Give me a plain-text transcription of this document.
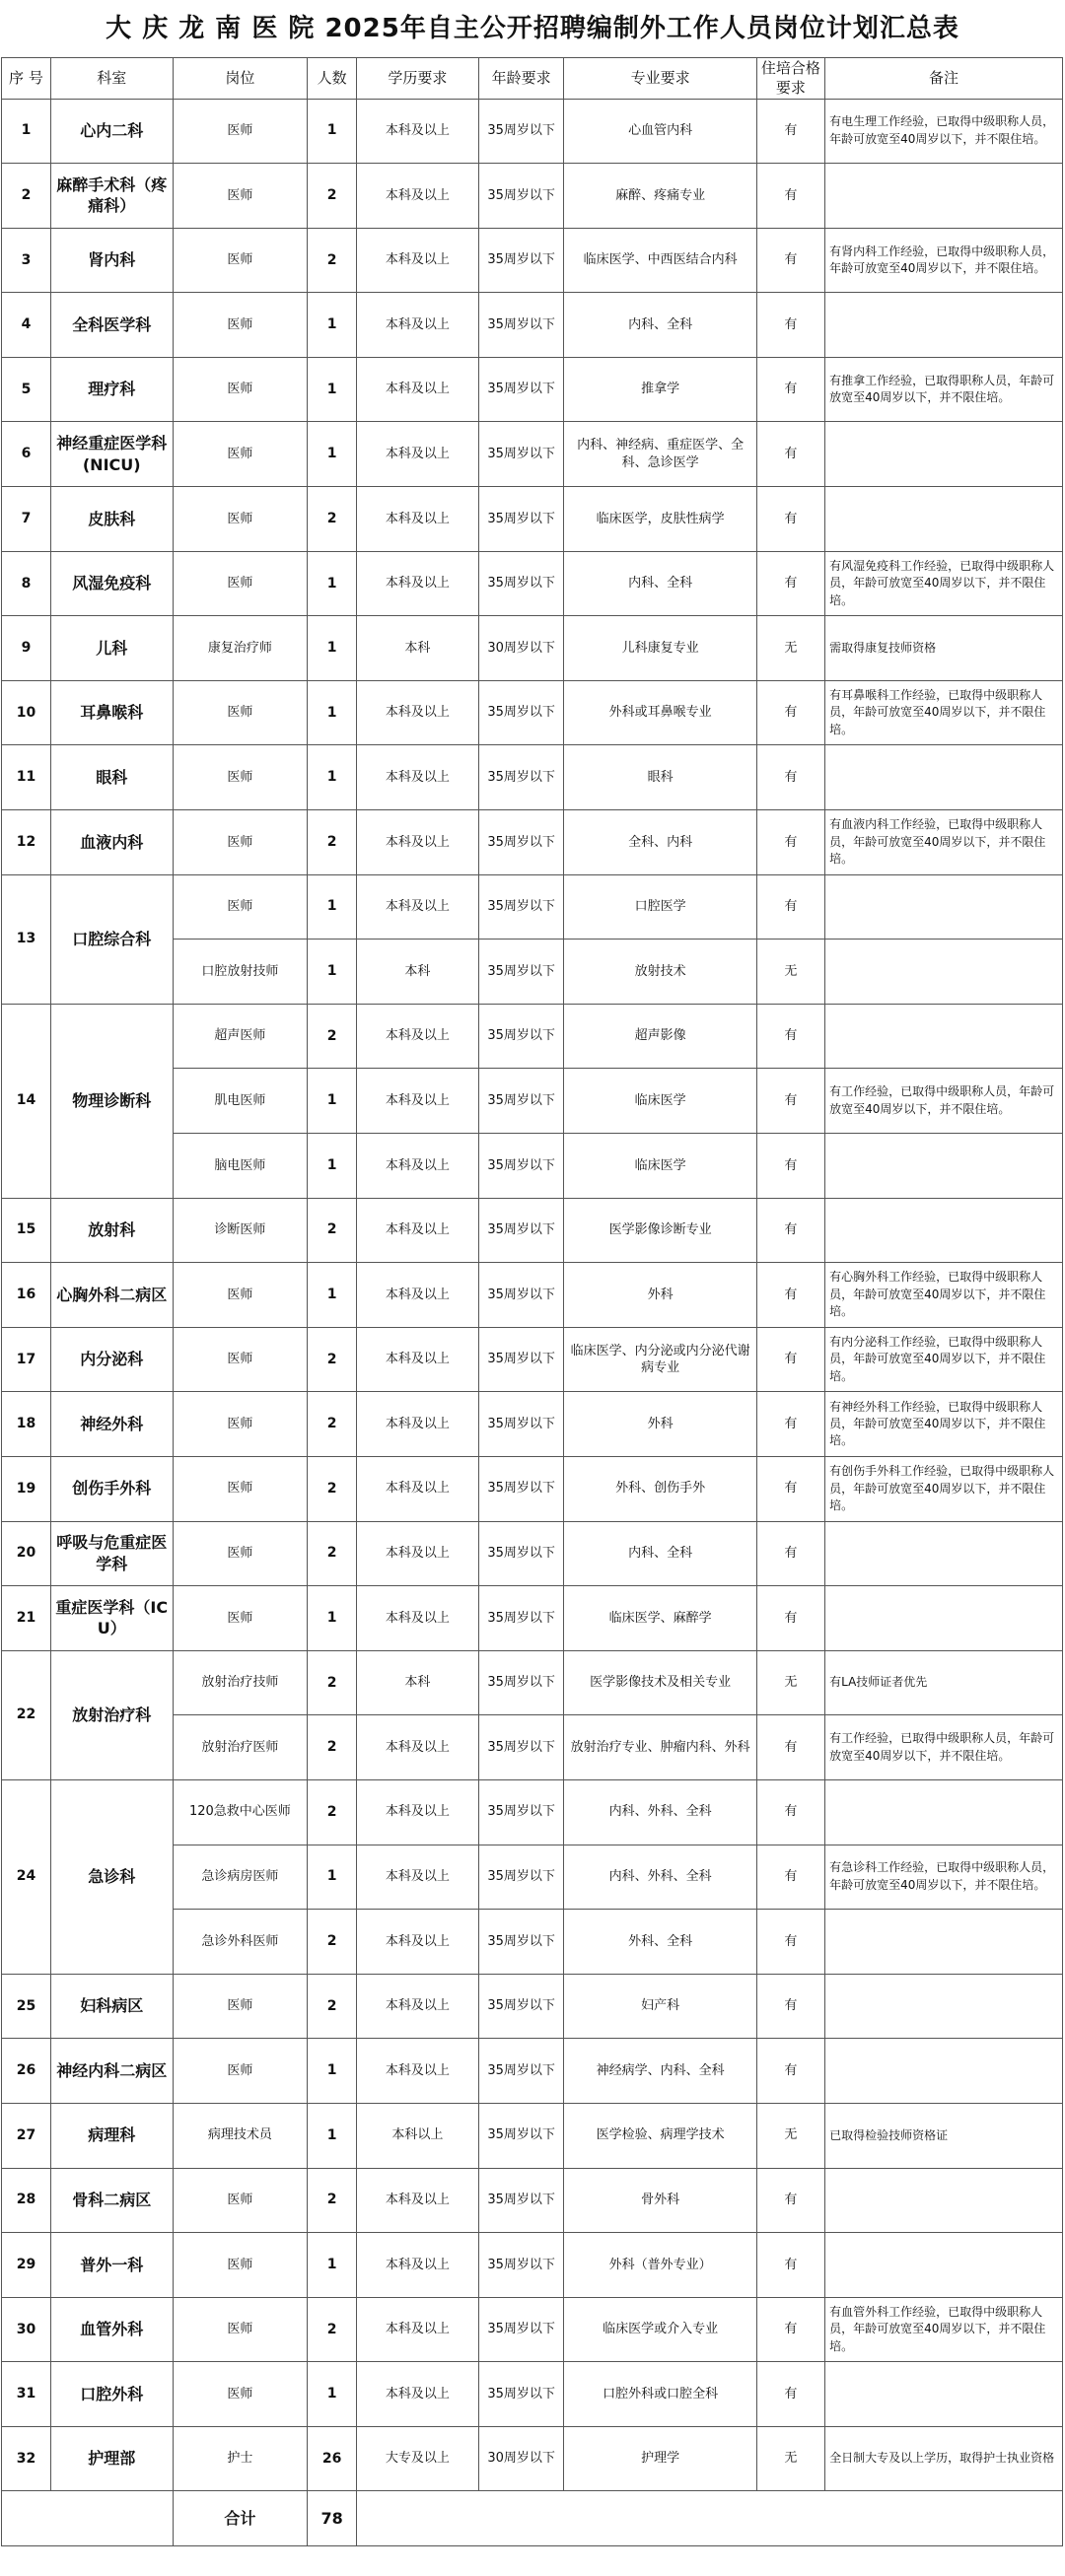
大 庆 龙 南 医 院 2025年自主公开招聘编制外工作人员岗位计划汇总表
序 号	科室	岗位	人数	学历要求	年龄要求	专业要求	住培合格 要求	备注
1	心内二科	医师	1	本科及以上	35周岁以下	心血管内科	有	有电生理工作经验，已取得中级职称人员，年龄可放宽至40周岁以下，并不限住培。
2	麻醉手术科（疼痛科）	医师	2	本科及以上	35周岁以下	麻醉、疼痛专业	有	
3	肾内科	医师	2	本科及以上	35周岁以下	临床医学、中西医结合内科	有	有肾内科工作经验，已取得中级职称人员，年龄可放宽至40周岁以下，并不限住培。
4	全科医学科	医师	1	本科及以上	35周岁以下	内科、全科	有	
5	理疗科	医师	1	本科及以上	35周岁以下	推拿学	有	有推拿工作经验，已取得职称人员，年龄可放宽至40周岁以下，并不限住培。
6	神经重症医学科(NICU)	医师	1	本科及以上	35周岁以下	内科、神经病、重症医学、全科、急诊医学	有	
7	皮肤科	医师	2	本科及以上	35周岁以下	临床医学，皮肤性病学	有	
8	风湿免疫科	医师	1	本科及以上	35周岁以下	内科、全科	有	有风湿免疫科工作经验，已取得中级职称人员，年龄可放宽至40周岁以下，并不限住培。
9	儿科	康复治疗师	1	本科	30周岁以下	儿科康复专业	无	需取得康复技师资格
10	耳鼻喉科	医师	1	本科及以上	35周岁以下	外科或耳鼻喉专业	有	有耳鼻喉科工作经验，已取得中级职称人员，年龄可放宽至40周岁以下，并不限住培。
11	眼科	医师	1	本科及以上	35周岁以下	眼科	有	
12	血液内科	医师	2	本科及以上	35周岁以下	全科、内科	有	有血液内科工作经验，已取得中级职称人员，年龄可放宽至40周岁以下，并不限住培。
13	口腔综合科	医师	1	本科及以上	35周岁以下	口腔医学	有	
		口腔放射技师	1	本科	35周岁以下	放射技术	无	
14	物理诊断科	超声医师	2	本科及以上	35周岁以下	超声影像	有	
		肌电医师	1	本科及以上	35周岁以下	临床医学	有	有工作经验，已取得中级职称人员，年龄可放宽至40周岁以下，并不限住培。
		脑电医师	1	本科及以上	35周岁以下	临床医学	有	
15	放射科	诊断医师	2	本科及以上	35周岁以下	医学影像诊断专业	有	
16	心胸外科二病区	医师	1	本科及以上	35周岁以下	外科	有	有心胸外科工作经验，已取得中级职称人员，年龄可放宽至40周岁以下，并不限住培。
17	内分泌科	医师	2	本科及以上	35周岁以下	临床医学、内分泌或内分泌代谢病专业	有	有内分泌科工作经验，已取得中级职称人员，年龄可放宽至40周岁以下，并不限住培。
18	神经外科	医师	2	本科及以上	35周岁以下	外科	有	有神经外科工作经验，已取得中级职称人员，年龄可放宽至40周岁以下，并不限住培。
19	创伤手外科	医师	2	本科及以上	35周岁以下	外科、创伤手外	有	有创伤手外科工作经验，已取得中级职称人员，年龄可放宽至40周岁以下，并不限住培。
20	呼吸与危重症医学科	医师	2	本科及以上	35周岁以下	内科、全科	有	
21	重症医学科（ICU）	医师	1	本科及以上	35周岁以下	临床医学、麻醉学	有	
22	放射治疗科	放射治疗技师	2	本科	35周岁以下	医学影像技术及相关专业	无	有LA技师证者优先
		放射治疗医师	2	本科及以上	35周岁以下	放射治疗专业、肿瘤内科、外科	有	有工作经验，已取得中级职称人员，年龄可放宽至40周岁以下，并不限住培。
24	急诊科	120急救中心医师	2	本科及以上	35周岁以下	内科、外科、全科	有	
		急诊病房医师	1	本科及以上	35周岁以下	内科、外科、全科	有	有急诊科工作经验，已取得中级职称人员，年龄可放宽至40周岁以下，并不限住培。
		急诊外科医师	2	本科及以上	35周岁以下	外科、全科	有	
25	妇科病区	医师	2	本科及以上	35周岁以下	妇产科	有	
26	神经内科二病区	医师	1	本科及以上	35周岁以下	神经病学、内科、全科	有	
27	病理科	病理技术员	1	本科以上	35周岁以下	医学检验、病理学技术	无	已取得检验技师资格证
28	骨科二病区	医师	2	本科及以上	35周岁以下	骨外科	有	
29	普外一科	医师	1	本科及以上	35周岁以下	外科（普外专业）	有	
30	血管外科	医师	2	本科及以上	35周岁以下	临床医学或介入专业	有	有血管外科工作经验，已取得中级职称人员，年龄可放宽至40周岁以下，并不限住培。
31	口腔外科	医师	1	本科及以上	35周岁以下	口腔外科或口腔全科	有	
32	护理部	护士	26	大专及以上	30周岁以下	护理学	无	全日制大专及以上学历，取得护士执业资格
		合计	78					
